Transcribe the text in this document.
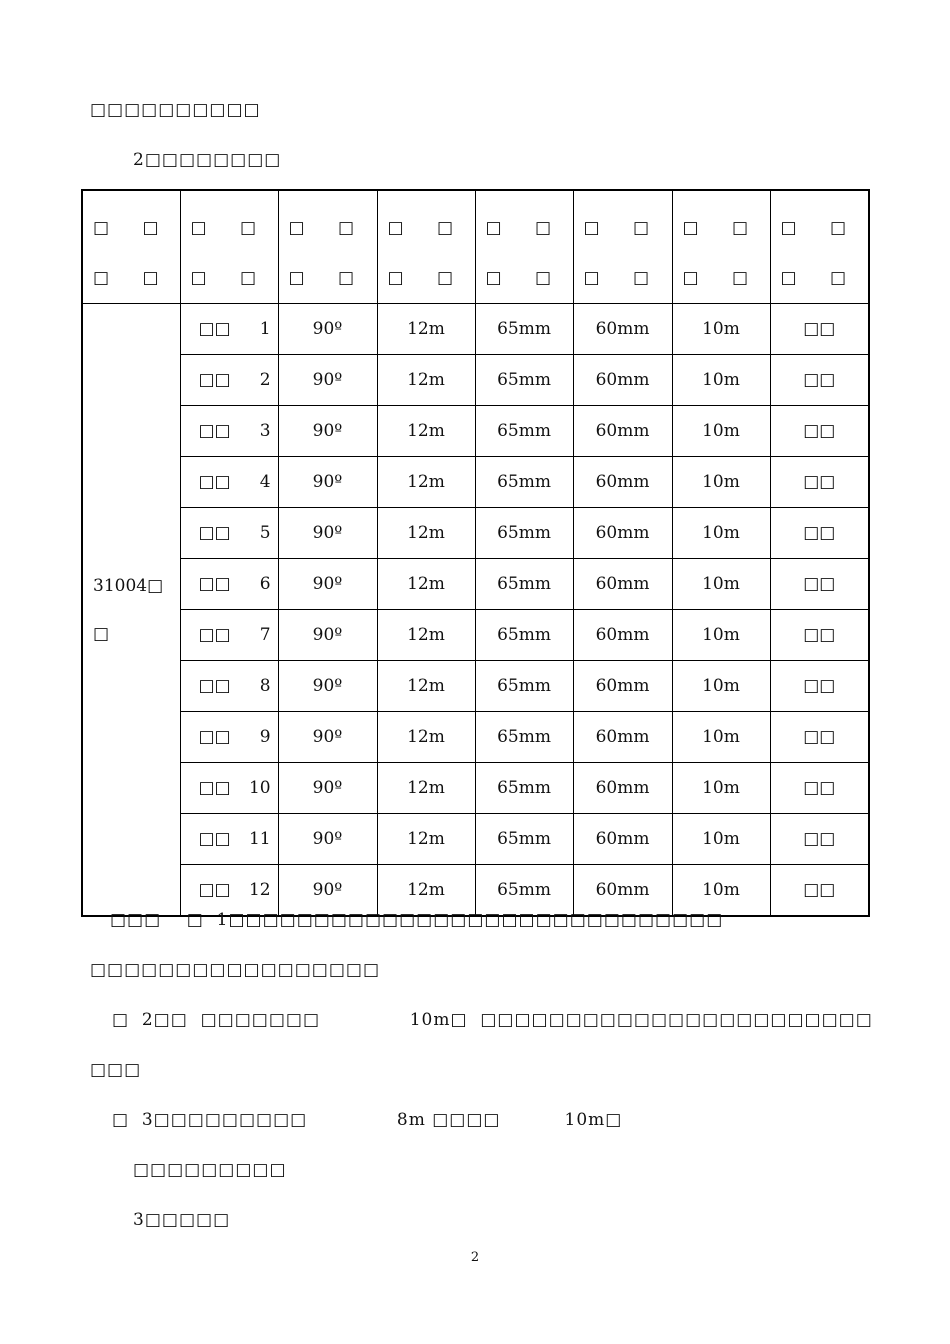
□□□□□□□□□□
2□□□□□□□□
□ □ □ □	□ □ □ □	□ □ □ □	□ □ □ □	□ □ □ □	□ □ □ □	□ □ □ □	□ □ □ □
31004□ □	□□ 1	90º	12m	65mm	60mm	10m	□□
	□□ 2	90º	12m	65mm	60mm	10m	□□
	□□ 3	90º	12m	65mm	60mm	10m	□□
	□□ 4	90º	12m	65mm	60mm	10m	□□
	□□ 5	90º	12m	65mm	60mm	10m	□□
	□□ 6	90º	12m	65mm	60mm	10m	□□
	□□ 7	90º	12m	65mm	60mm	10m	□□
	□□ 8	90º	12m	65mm	60mm	10m	□□
	□□ 9	90º	12m	65mm	60mm	10m	□□
	□□ 10	90º	12m	65mm	60mm	10m	□□
	□□ 11	90º	12m	65mm	60mm	10m	□□
	□□ 12	90º	12m	65mm	60mm	10m	□□
□□□    □  1□□□□□□□□□□□□□□□□□□□□□□□□□□□□□
□□□□□□□□□□□□□□□□□
□  2□□  □□□□□□□              10m□  □□□□□□□□□□□□□□□□□□□□□□□
□□□
□  3□□□□□□□□□              8m □□□□          10m□
□□□□□□□□□
3□□□□□
2
